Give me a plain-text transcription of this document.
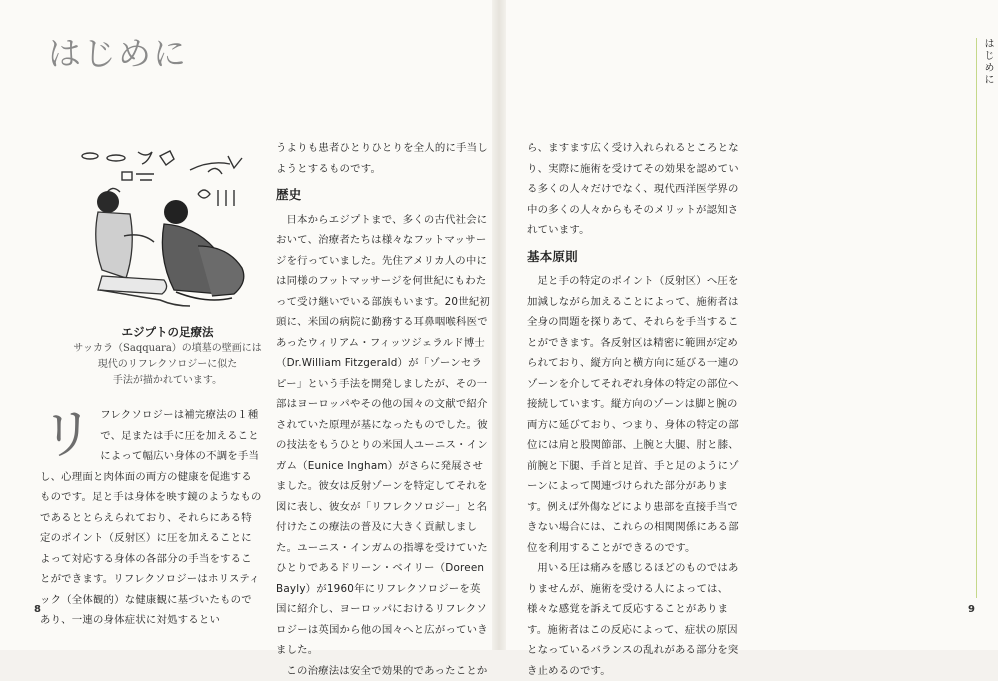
はじめに
エジプトの足療法
サッカラ（Saqquara）の墳墓の壁画には
現代のリフレクソロジーに似た
手法が描かれています。

リフレクソロジーは補完療法の１種で、足または手に圧を加えることによって幅広い身体の不調を手当し、心理面と肉体面の両方の健康を促進するものです。足と手は身体を映す鏡のようなものであるととらえられており、それらにある特定のポイント（反射区）に圧を加えることによって対応する身体の各部分の手当をすることができます。リフレクソロジーはホリスティック（全体観的）な健康観に基づいたものであり、一連の身体症状に対処するとい

うよりも患者ひとりひとりを全人的に手当しようとするものです。

歴史

日本からエジプトまで、多くの古代社会において、治療者たちは様々なフットマッサージを行っていました。先住アメリカ人の中には同様のフットマッサージを何世紀にもわたって受け継いでいる部族もいます。20世紀初頭に、米国の病院に勤務する耳鼻咽喉科医であったウィリアム・フィッツジェラルド博士（Dr.William Fitzgerald）が「ゾーンセラピー」という手法を開発しましたが、その一部はヨーロッパやその他の国々の文献で紹介されていた原理が基になったものでした。彼の技法をもうひとりの米国人ユーニス・インガム（Eunice Ingham）がさらに発展させました。彼女は反射ゾーンを特定してそれを図に表し、彼女が「リフレクソロジー」と名付けたこの療法の普及に大きく貢献しました。ユーニス・インガムの指導を受けていたひとりであるドリーン・ベイリー（Doreen Bayly）が1960年にリフレクソロジーを英国に紹介し、ヨーロッパにおけるリフレクソロジーは英国から他の国々へと広がっていきました。

この治療法は安全で効果的であったことか

ら、ますます広く受け入れられるところとなり、実際に施術を受けてその効果を認めている多くの人々だけでなく、現代西洋医学界の中の多くの人々からもそのメリットが認知されています。

基本原則

足と手の特定のポイント（反射区）へ圧を加減しながら加えることによって、施術者は全身の問題を探りあて、それらを手当することができます。各反射区は精密に範囲が定められており、縦方向と横方向に延びる一連のゾーンを介してそれぞれ身体の特定の部位へ接続しています。縦方向のゾーンは脚と腕の両方に延びており、つまり、身体の特定の部位には肩と股関節部、上腕と大腿、肘と膝、前腕と下腿、手首と足首、手と足のようにゾーンによって関連づけられた部分があります。例えば外傷などにより患部を直接手当できない場合には、これらの相関関係にある部位を利用することができるのです。

用いる圧は痛みを感じるほどのものではありませんが、施術を受ける人によっては、様々な感覚を訴えて反応することがあります。施術者はこの反応によって、症状の原因となっているバランスの乱れがある部分を突き止めるのです。

はじめに
8	9
